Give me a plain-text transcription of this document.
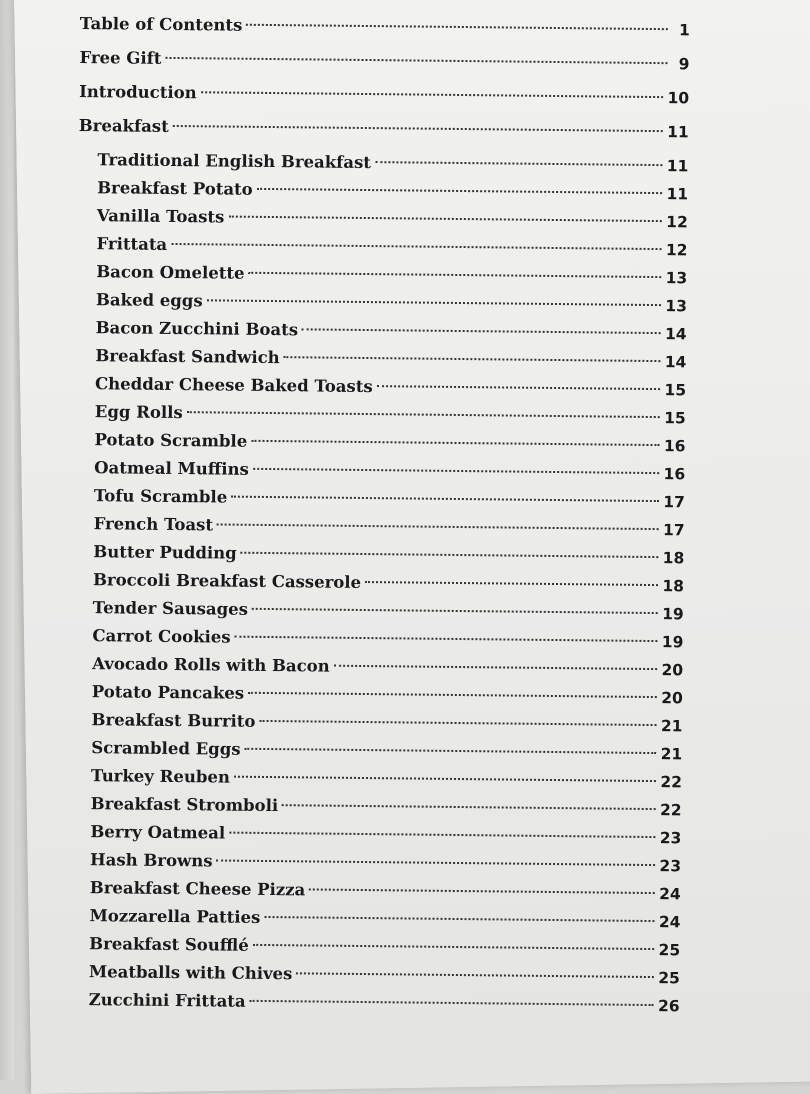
Table of Contents	1
Free Gift	9
Introduction	10
Breakfast	11
Traditional English Breakfast	11
Breakfast Potato	11
Vanilla Toasts	12
Frittata	12
Bacon Omelette	13
Baked eggs	13
Bacon Zucchini Boats	14
Breakfast Sandwich	14
Cheddar Cheese Baked Toasts	15
Egg Rolls	15
Potato Scramble	16
Oatmeal Muffins	16
Tofu Scramble	17
French Toast	17
Butter Pudding	18
Broccoli Breakfast Casserole	18
Tender Sausages	19
Carrot Cookies	19
Avocado Rolls with Bacon	20
Potato Pancakes	20
Breakfast Burrito	21
Scrambled Eggs	21
Turkey Reuben	22
Breakfast Stromboli	22
Berry Oatmeal	23
Hash Browns	23
Breakfast Cheese Pizza	24
Mozzarella Patties	24
Breakfast Soufflé	25
Meatballs with Chives	25
Zucchini Frittata	26
